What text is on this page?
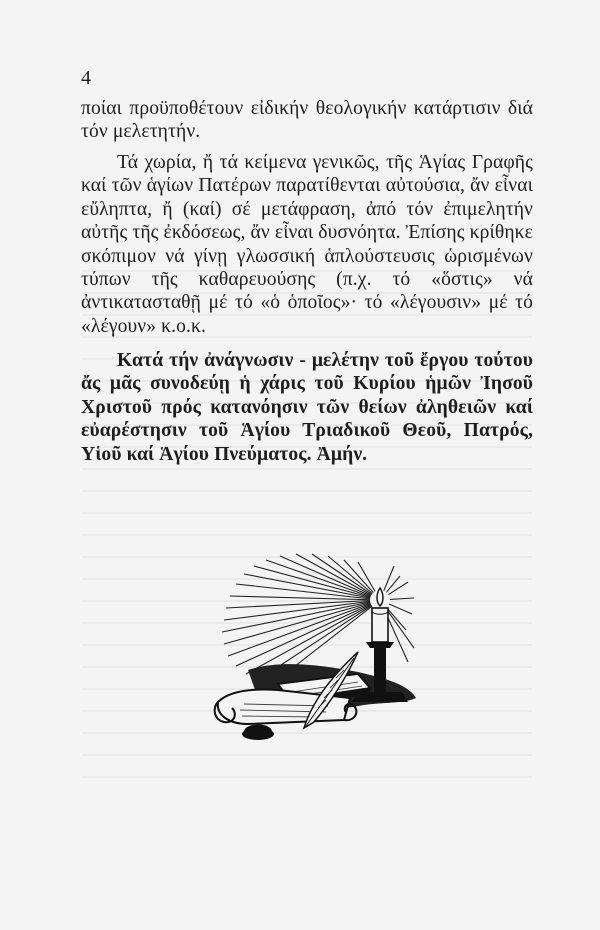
4

ποίαι προϋποθέτουν εἰδικήν θεολογικήν κατάρτισιν διά τόν μελετητήν.

Τά χωρία, ἤ τά κείμενα γενικῶς, τῆς Ἁγίας Γραφῆς καί τῶν ἁγίων Πατέρων παρατίθενται αὐτούσια, ἄν εἶναι εὔληπτα, ἤ (καί) σέ μετάφραση, ἀπό τόν ἐπιμελητήν αὐτῆς τῆς ἐκδόσεως, ἄν εἶναι δυσνόητα. Ἐπίσης κρίθηκε σκόπιμον νά γίνῃ γλωσσική ἁπλούστευσις ὡρισμένων τύπων τῆς καθαρευούσης (π.χ. τό «ὅστις» νά ἀντικατασταθῇ μέ τό «ὁ ὁποῖος»· τό «λέγουσιν» μέ τό «λέγουν» κ.ο.κ.

Κατά τήν ἀνάγνωσιν - μελέτην τοῦ ἔργου τούτου ἄς μᾶς συνοδεύῃ ἡ χάρις τοῦ Κυρίου ἡμῶν Ἰησοῦ Χριστοῦ πρός κατανόησιν τῶν θείων ἀληθειῶν καί εὐαρέστησιν τοῦ Ἁγίου Τριαδικοῦ Θεοῦ, Πατρός, Υἱοῦ καί Ἁγίου Πνεύματος. Ἀμήν.
